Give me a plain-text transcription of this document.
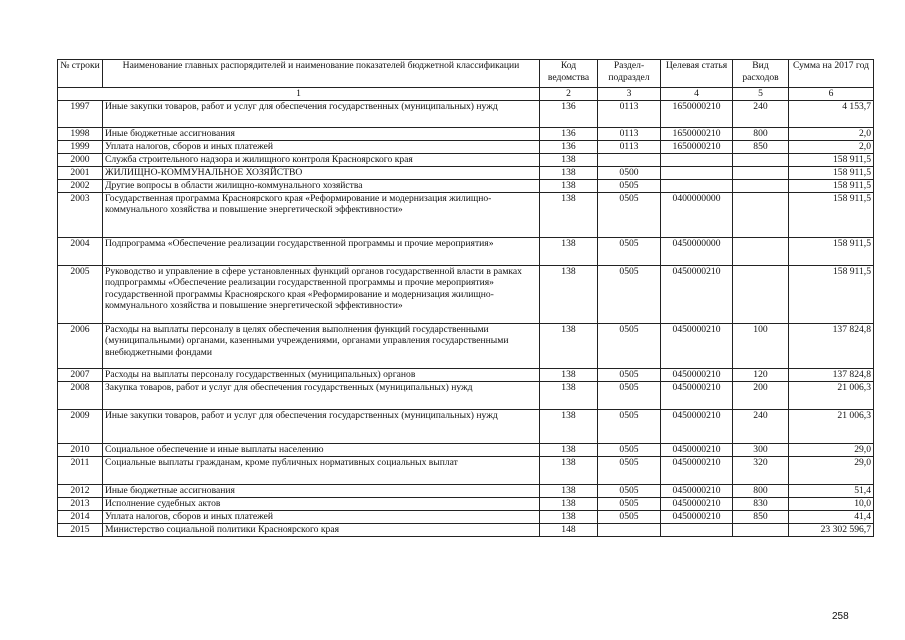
№ строки	Наименование главных распорядителей и наименование показателей бюджетной классификации	Код ведомства	Раздел-подраздел	Целевая статья	Вид расходов	Сумма на 2017 год
1		2	3	4	5	6
1997	Иные закупки товаров, работ и услуг для обеспечения государственных (муниципальных) нужд	136	0113	1650000210	240	4 153,7
1998	Иные бюджетные ассигнования	136	0113	1650000210	800	2,0
1999	Уплата налогов, сборов и иных платежей	136	0113	1650000210	850	2,0
2000	Служба строительного надзора и жилищного контроля Красноярского края	138				158 911,5
2001	ЖИЛИЩНО-КОММУНАЛЬНОЕ ХОЗЯЙСТВО	138	0500			158 911,5
2002	Другие вопросы в области жилищно-коммунального хозяйства	138	0505			158 911,5
2003	Государственная программа Красноярского края «Реформирование и модернизация жилищно-коммунального хозяйства и повышение энергетической эффективности»	138	0505	0400000000		158 911,5
2004	Подпрограмма «Обеспечение реализации государственной программы и прочие мероприятия»	138	0505	0450000000		158 911,5
2005	Руководство и управление в сфере установленных функций органов государственной власти в рамках подпрограммы «Обеспечение реализации государственной программы и прочие мероприятия» государственной программы Красноярского края «Реформирование и модернизация жилищно-коммунального хозяйства и повышение энергетической эффективности»	138	0505	0450000210		158 911,5
2006	Расходы на выплаты персоналу в целях обеспечения выполнения функций государственными (муниципальными) органами, казенными учреждениями, органами управления государственными внебюджетными фондами	138	0505	0450000210	100	137 824,8
2007	Расходы на выплаты персоналу государственных (муниципальных) органов	138	0505	0450000210	120	137 824,8
2008	Закупка товаров, работ и услуг для обеспечения государственных (муниципальных) нужд	138	0505	0450000210	200	21 006,3
2009	Иные закупки товаров, работ и услуг для обеспечения государственных (муниципальных) нужд	138	0505	0450000210	240	21 006,3
2010	Социальное обеспечение и иные выплаты населению	138	0505	0450000210	300	29,0
2011	Социальные выплаты гражданам, кроме публичных нормативных социальных выплат	138	0505	0450000210	320	29,0
2012	Иные бюджетные ассигнования	138	0505	0450000210	800	51,4
2013	Исполнение судебных актов	138	0505	0450000210	830	10,0
2014	Уплата налогов, сборов и иных платежей	138	0505	0450000210	850	41,4
2015	Министерство социальной политики Красноярского края	148				23 302 596,7
258
